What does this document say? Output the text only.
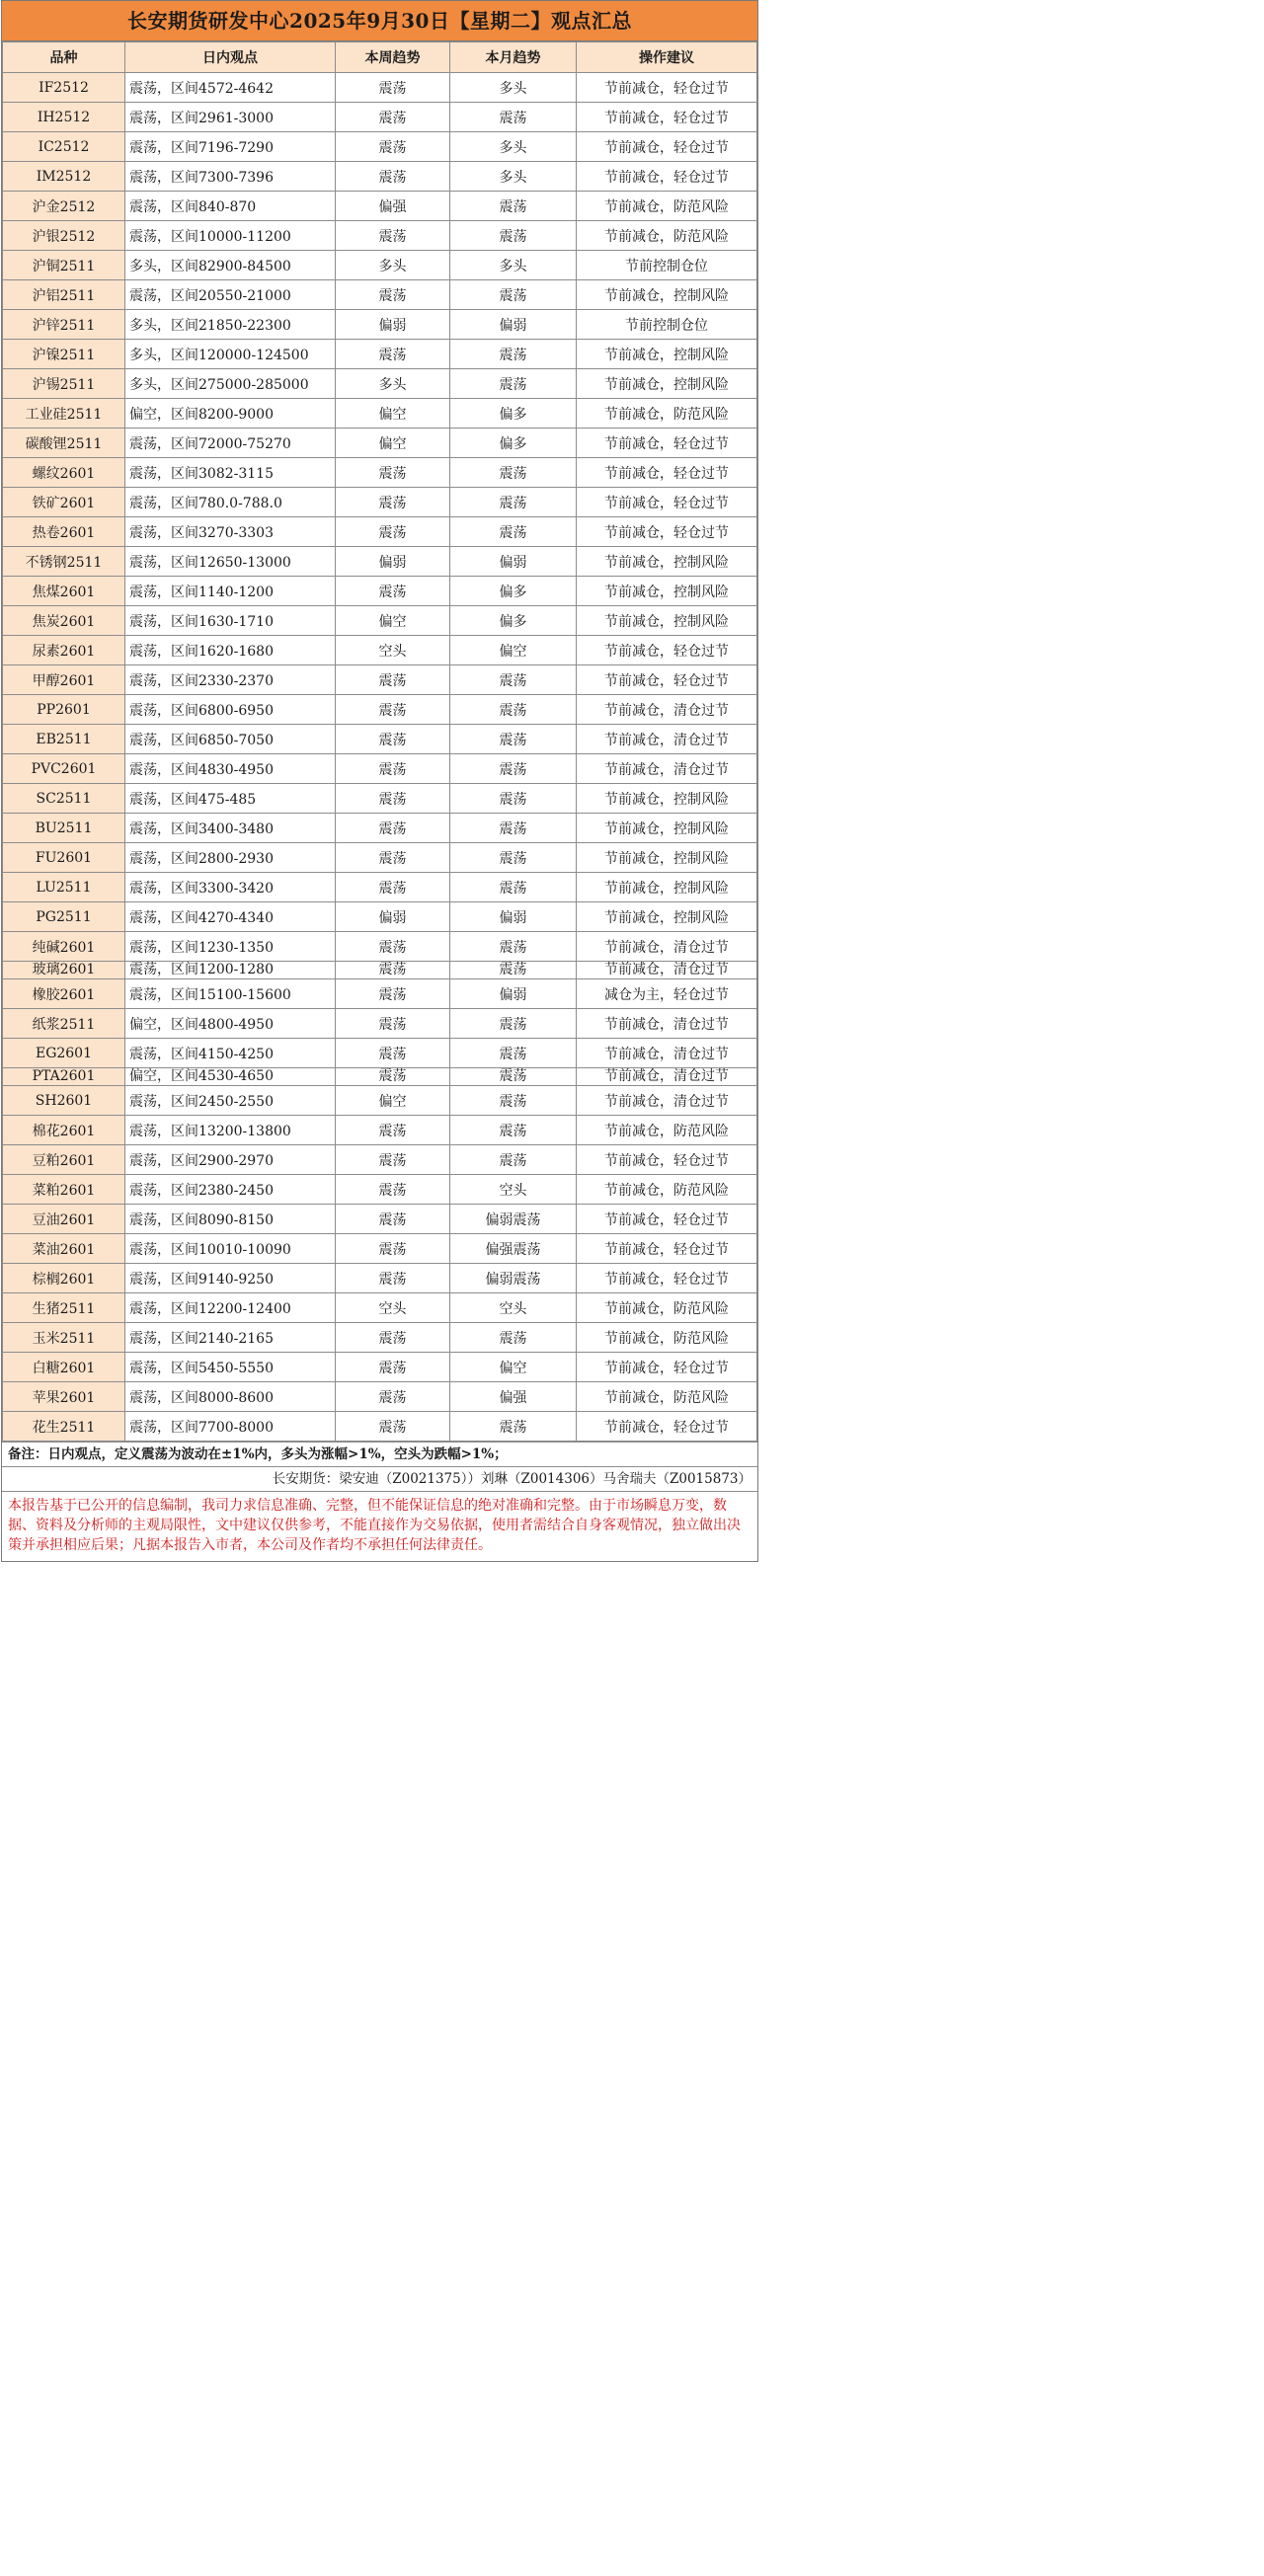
长安期货研发中心2025年9月30日【星期二】观点汇总
品种	日内观点	本周趋势	本月趋势	操作建议
IF2512	震荡，区间4572-4642	震荡	多头	节前减仓，轻仓过节
IH2512	震荡，区间2961-3000	震荡	震荡	节前减仓，轻仓过节
IC2512	震荡，区间7196-7290	震荡	多头	节前减仓，轻仓过节
IM2512	震荡，区间7300-7396	震荡	多头	节前减仓，轻仓过节
沪金2512	震荡，区间840-870	偏强	震荡	节前减仓，防范风险
沪银2512	震荡，区间10000-11200	震荡	震荡	节前减仓，防范风险
沪铜2511	多头，区间82900-84500	多头	多头	节前控制仓位
沪铝2511	震荡，区间20550-21000	震荡	震荡	节前减仓，控制风险
沪锌2511	多头，区间21850-22300	偏弱	偏弱	节前控制仓位
沪镍2511	多头，区间120000-124500	震荡	震荡	节前减仓，控制风险
沪锡2511	多头，区间275000-285000	多头	震荡	节前减仓，控制风险
工业硅2511	偏空，区间8200-9000	偏空	偏多	节前减仓，防范风险
碳酸锂2511	震荡，区间72000-75270	偏空	偏多	节前减仓，轻仓过节
螺纹2601	震荡，区间3082-3115	震荡	震荡	节前减仓，轻仓过节
铁矿2601	震荡，区间780.0-788.0	震荡	震荡	节前减仓，轻仓过节
热卷2601	震荡，区间3270-3303	震荡	震荡	节前减仓，轻仓过节
不锈钢2511	震荡，区间12650-13000	偏弱	偏弱	节前减仓，控制风险
焦煤2601	震荡，区间1140-1200	震荡	偏多	节前减仓，控制风险
焦炭2601	震荡，区间1630-1710	偏空	偏多	节前减仓，控制风险
尿素2601	震荡，区间1620-1680	空头	偏空	节前减仓，轻仓过节
甲醇2601	震荡，区间2330-2370	震荡	震荡	节前减仓，轻仓过节
PP2601	震荡，区间6800-6950	震荡	震荡	节前减仓，清仓过节
EB2511	震荡，区间6850-7050	震荡	震荡	节前减仓，清仓过节
PVC2601	震荡，区间4830-4950	震荡	震荡	节前减仓，清仓过节
SC2511	震荡，区间475-485	震荡	震荡	节前减仓，控制风险
BU2511	震荡，区间3400-3480	震荡	震荡	节前减仓，控制风险
FU2601	震荡，区间2800-2930	震荡	震荡	节前减仓，控制风险
LU2511	震荡，区间3300-3420	震荡	震荡	节前减仓，控制风险
PG2511	震荡，区间4270-4340	偏弱	偏弱	节前减仓，控制风险
纯碱2601	震荡，区间1230-1350	震荡	震荡	节前减仓，清仓过节
玻璃2601	震荡，区间1200-1280	震荡	震荡	节前减仓，清仓过节
橡胶2601	震荡，区间15100-15600	震荡	偏弱	减仓为主，轻仓过节
纸浆2511	偏空，区间4800-4950	震荡	震荡	节前减仓，清仓过节
EG2601	震荡，区间4150-4250	震荡	震荡	节前减仓，清仓过节
PTA2601	偏空，区间4530-4650	震荡	震荡	节前减仓，清仓过节
SH2601	震荡，区间2450-2550	偏空	震荡	节前减仓，清仓过节
棉花2601	震荡，区间13200-13800	震荡	震荡	节前减仓，防范风险
豆粕2601	震荡，区间2900-2970	震荡	震荡	节前减仓，轻仓过节
菜粕2601	震荡，区间2380-2450	震荡	空头	节前减仓，防范风险
豆油2601	震荡，区间8090-8150	震荡	偏弱震荡	节前减仓，轻仓过节
菜油2601	震荡，区间10010-10090	震荡	偏强震荡	节前减仓，轻仓过节
棕榈2601	震荡，区间9140-9250	震荡	偏弱震荡	节前减仓，轻仓过节
生猪2511	震荡，区间12200-12400	空头	空头	节前减仓，防范风险
玉米2511	震荡，区间2140-2165	震荡	震荡	节前减仓，防范风险
白糖2601	震荡，区间5450-5550	震荡	偏空	节前减仓，轻仓过节
苹果2601	震荡，区间8000-8600	震荡	偏强	节前减仓，防范风险
花生2511	震荡，区间7700-8000	震荡	震荡	节前减仓，轻仓过节
备注：日内观点，定义震荡为波动在±1%内，多头为涨幅>1%，空头为跌幅>1%；
长安期货：梁安迪（Z0021375））刘琳（Z0014306）马舍瑞夫（Z0015873）
本报告基于已公开的信息编制，我司力求信息准确、完整，但不能保证信息的绝对准确和完整。由于市场瞬息万变，数据、资料及分析师的主观局限性，文中建议仅供参考，不能直接作为交易依据，使用者需结合自身客观情况，独立做出决策并承担相应后果；凡据本报告入市者，本公司及作者均不承担任何法律责任。
